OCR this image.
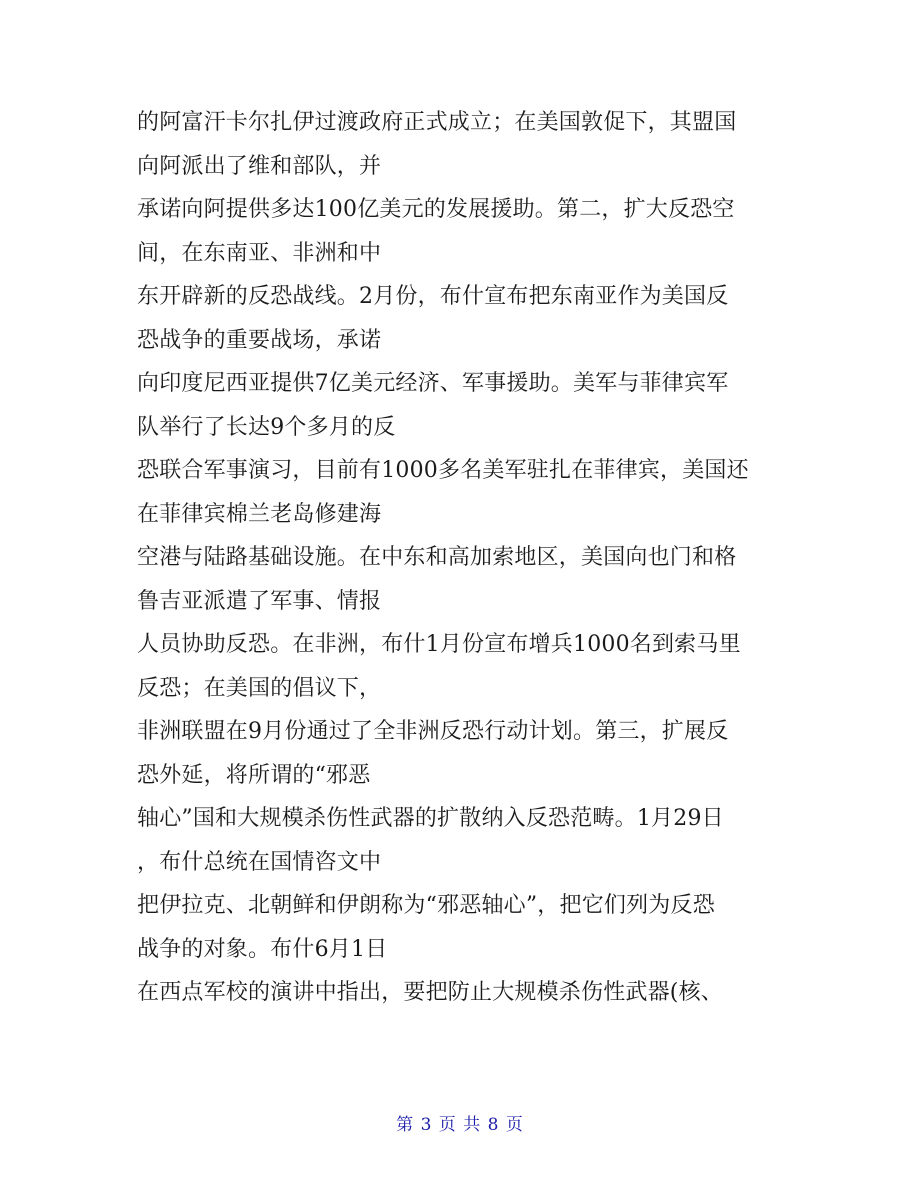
的阿富汗卡尔扎伊过渡政府正式成立；在美国敦促下，其盟国
向阿派出了维和部队，并
承诺向阿提供多达100亿美元的发展援助。第二，扩大反恐空
间，在东南亚、非洲和中
东开辟新的反恐战线。2月份，布什宣布把东南亚作为美国反
恐战争的重要战场，承诺
向印度尼西亚提供7亿美元经济、军事援助。美军与菲律宾军
队举行了长达9个多月的反
恐联合军事演习，目前有1000多名美军驻扎在菲律宾，美国还
在菲律宾棉兰老岛修建海
空港与陆路基础设施。在中东和高加索地区，美国向也门和格
鲁吉亚派遣了军事、情报
人员协助反恐。在非洲，布什1月份宣布增兵1000名到索马里
反恐；在美国的倡议下，
非洲联盟在9月份通过了全非洲反恐行动计划。第三，扩展反
恐外延，将所谓的“邪恶
轴心”国和大规模杀伤性武器的扩散纳入反恐范畴。1月29日
，布什总统在国情咨文中
把伊拉克、北朝鲜和伊朗称为“邪恶轴心”，把它们列为反恐
战争的对象。布什6月1日
在西点军校的演讲中指出，要把防止大规模杀伤性武器(核、
第 3 页 共 8 页
